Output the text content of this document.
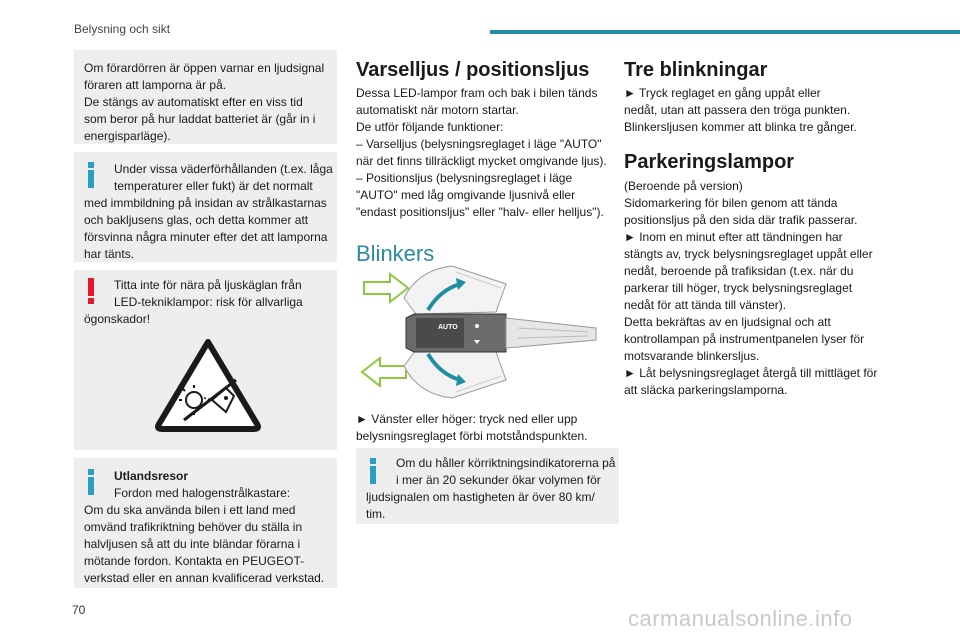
Belysning och sikt

Om förardörren är öppen varnar en ljudsignal
föraren att lamporna är på.
De stängs av automatiskt efter en viss tid
som beror på hur laddat batteriet är (går in i
energisparläge).

Under vissa väderförhållanden (t.ex. låga
temperaturer eller fukt) är det normalt
med immbildning på insidan av strålkastarnas
och bakljusens glas, och detta kommer att
försvinna några minuter efter det att lamporna
har tänts.

Titta inte för nära på ljuskäglan från
LED-tekniklampor: risk för allvarliga
ögonskador!

Utlandsresor
Fordon med halogenstrålkastare:
Om du ska använda bilen i ett land med
omvänd trafikriktning behöver du ställa in
halvljusen så att du inte bländar förarna i
mötande fordon. Kontakta en PEUGEOT-
verkstad eller en annan kvalificerad verkstad.

Varselljus / positionsljus

Dessa LED-lampor fram och bak i bilen tänds
automatiskt när motorn startar.
De utför följande funktioner:
– Varselljus (belysningsreglaget i läge "AUTO"
när det finns tillräckligt mycket omgivande ljus).
– Positionsljus (belysningsreglaget i läge
"AUTO" med låg omgivande ljusnivå eller
"endast positionsljus" eller "halv- eller helljus").

Blinkers
AUTO

► Vänster eller höger: tryck ned eller upp
belysningsreglaget förbi motståndspunkten.

Om du håller körriktningsindikatorerna på
i mer än 20 sekunder ökar volymen för
ljudsignalen om hastigheten är över 80 km/
tim.

Tre blinkningar

► Tryck reglaget en gång uppåt eller
nedåt, utan att passera den tröga punkten.
Blinkersljusen kommer att blinka tre gånger.

Parkeringslampor

(Beroende på version)
Sidomarkering för bilen genom att tända
positionsljus på den sida där trafik passerar.
► Inom en minut efter att tändningen har
stängts av, tryck belysningsreglaget uppåt eller
nedåt, beroende på trafiksidan (t.ex. när du
parkerar till höger, tryck belysningsreglaget
nedåt för att tända till vänster).
Detta bekräftas av en ljudsignal och att
kontrollampan på instrumentpanelen lyser för
motsvarande blinkersljus.
► Låt belysningsreglaget återgå till mittläget för
att släcka parkeringslamporna.

70	carmanualsonline.info
